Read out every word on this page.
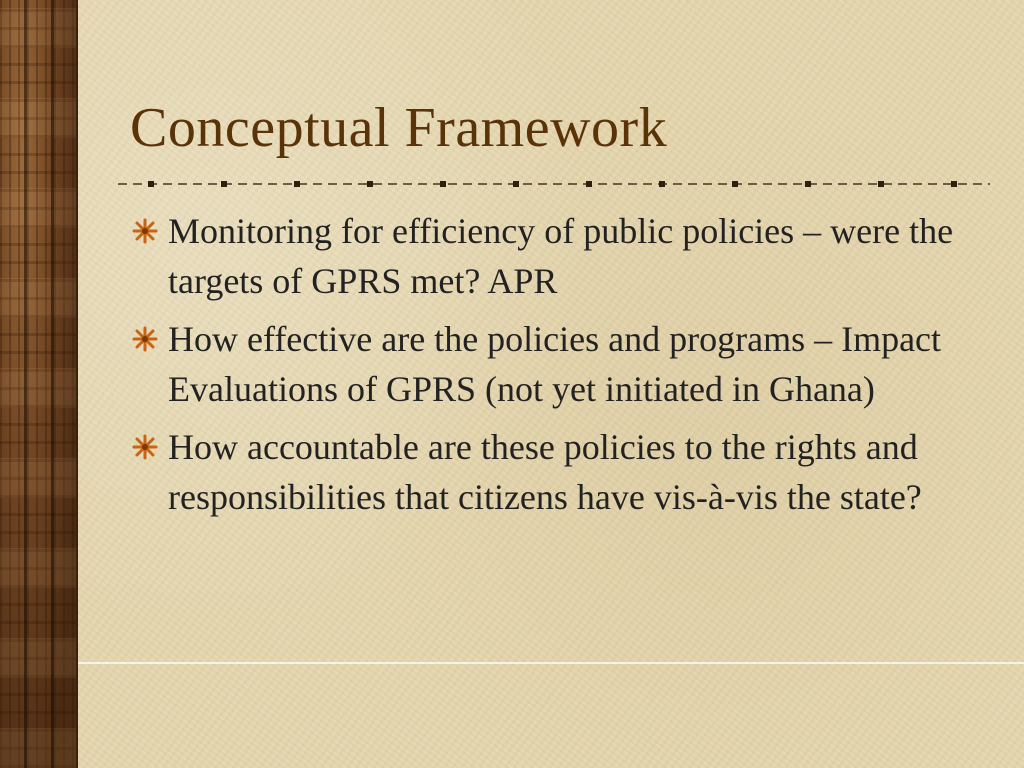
Conceptual Framework
Monitoring for efficiency of public policies – were the targets of GPRS met? APR
How effective are the policies and programs – Impact Evaluations of GPRS (not yet initiated in Ghana)
How accountable are these policies to the rights and responsibilities that citizens have vis-à-vis the state?
